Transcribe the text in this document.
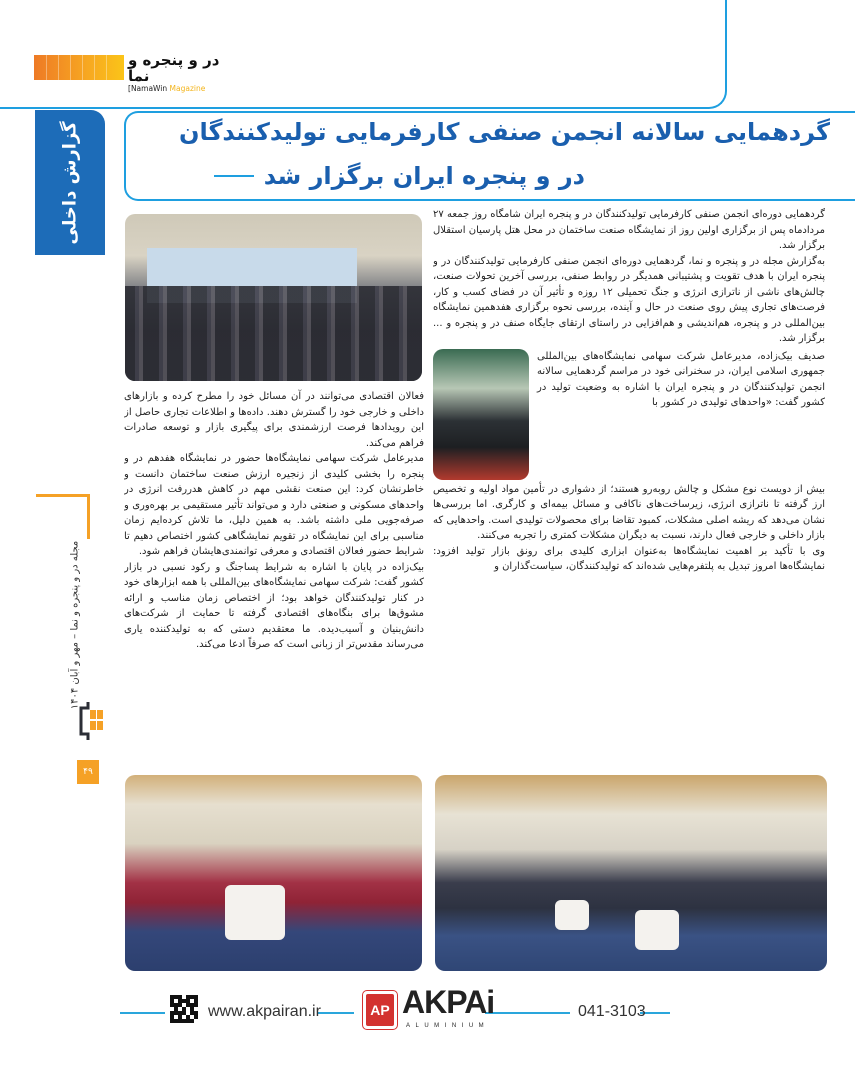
در و پنجره و نما
[NamaWin Magazine
گزارش داخلی	گردهمایی سالانه انجمن صنفی کارفرمایی تولیدکنندگان
در و پنجره ایران برگزار شد

گردهمایی دوره‌ای انجمن صنفی کارفرمایی تولیدکنندگان در و پنجره ایران شامگاه روز جمعه ۲۷ مردادماه پس از برگزاری اولین روز از نمایشگاه صنعت ساختمان در محل هتل پارسیان استقلال برگزار شد.

به‌گزارش مجله در و پنجره و نما، گردهمایی دوره‌ای انجمن صنفی کارفرمایی تولیدکنندگان در و پنجره ایران با هدف تقویت و پشتیبانی همدیگر در روابط صنفی، بررسی آخرین تحولات صنعت، چالش‌های ناشی از ناترازی انرژی و جنگ تحمیلی ۱۲ روزه و تأثیر آن در فضای کسب و کار، فرصت‌های تجاری پیش روی صنعت در حال و آینده، بررسی نحوه برگزاری هفدهمین نمایشگاه بین‌المللی در و پنجره، هم‌اندیشی و هم‌افزایی در راستای ارتقای جایگاه صنف در و پنجره و ... برگزار شد.

صدیف بیک‌زاده، مدیرعامل شرکت سهامی نمایشگاه‌های بین‌المللی جمهوری اسلامی ایران، در سخنرانی خود در مراسم گردهمایی سالانه انجمن تولیدکنندگان در و پنجره ایران با اشاره به وضعیت تولید در کشور گفت: «واحدهای تولیدی در کشور با

بیش از دویست نوع مشکل و چالش روبه‌رو هستند؛ از دشواری در تأمین مواد اولیه و تخصیص ارز گرفته تا ناترازی انرژی، زیرساخت‌های ناکافی و مسائل بیمه‌ای و کارگری. اما بررسی‌ها نشان می‌دهد که ریشه اصلی مشکلات، کمبود تقاضا برای محصولات تولیدی است. واحدهایی که بازار داخلی و خارجی فعال دارند، نسبت به دیگران مشکلات کمتری را تجربه می‌کنند.

وی با تأکید بر اهمیت نمایشگاه‌ها به‌عنوان ابزاری کلیدی برای رونق بازار تولید افزود: نمایشگاه‌ها امروز تبدیل به پلتفرم‌هایی شده‌اند که تولیدکنندگان، سیاست‌گذاران و

فعالان اقتصادی می‌توانند در آن مسائل خود را مطرح کرده و بازارهای داخلی و خارجی خود را گسترش دهند. داده‌ها و اطلاعات تجاری حاصل از این رویدادها فرصت ارزشمندی برای پیگیری بازار و توسعه صادرات فراهم می‌کند.

مدیرعامل شرکت سهامی نمایشگاه‌ها حضور در نمایشگاه هفدهم در و پنجره را بخشی کلیدی از زنجیره ارزش صنعت ساختمان دانست و خاطرنشان کرد: این صنعت نقشی مهم در کاهش هدررفت انرژی در واحدهای مسکونی و صنعتی دارد و می‌تواند تأثیر مستقیمی بر بهره‌وری و صرفه‌جویی ملی داشته باشد. به همین دلیل، ما تلاش کرده‌ایم زمان مناسبی برای این نمایشگاه در تقویم نمایشگاهی کشور اختصاص دهیم تا شرایط حضور فعالان اقتصادی و معرفی توانمندی‌هایشان فراهم شود.

بیک‌زاده در پایان با اشاره به شرایط پساجنگ و رکود نسبی در بازار کشور گفت: شرکت سهامی نمایشگاه‌های بین‌المللی با همه ابزارهای خود در کنار تولیدکنندگان خواهد بود؛ از اختصاص زمان مناسب و ارائه مشوق‌ها برای بنگاه‌های اقتصادی گرفته تا حمایت از شرکت‌های دانش‌بنیان و آسیب‌دیده. ما معتقدیم دستی که به تولیدکننده یاری می‌رساند مقدس‌تر از زبانی است که صرفاً ادعا می‌کند.

مجله در و پنجره و نما – مهر و آبان ۱۴۰۴
۴۹
www.akpairan.ir	AP AKPAi
ALUMINIUM
041-3103
